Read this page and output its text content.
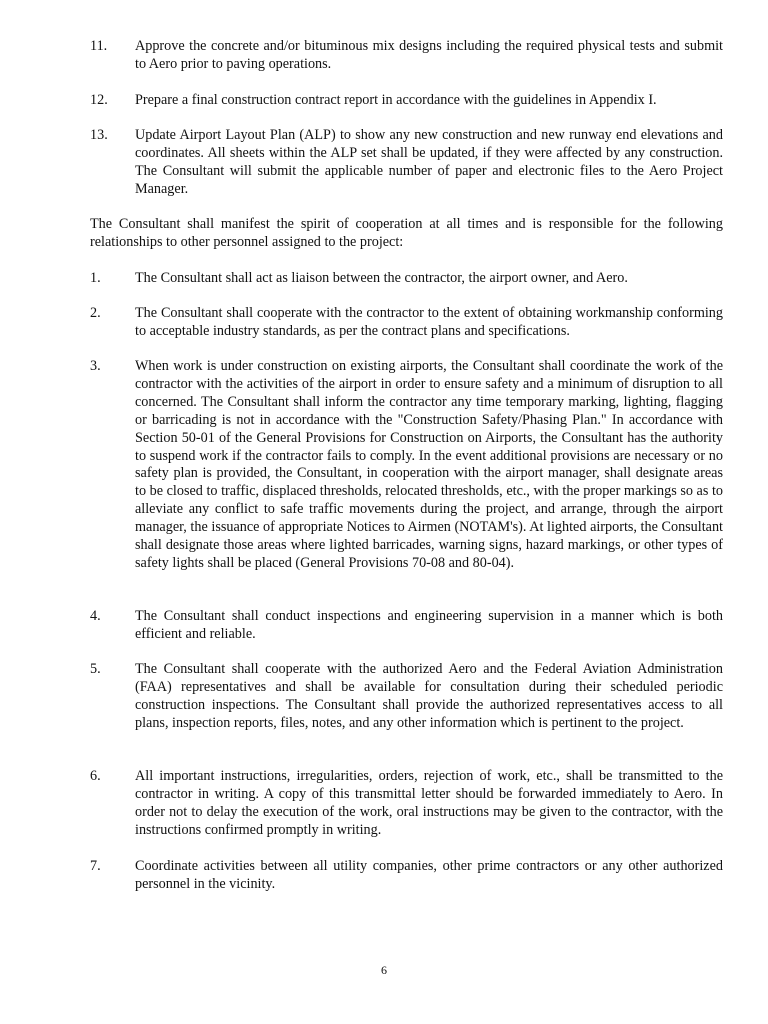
11.	Approve the concrete and/or bituminous mix designs including the required physical tests and submit to Aero prior to paving operations.
12.	Prepare a final construction contract report in accordance with the guidelines in Appendix I.
13.	Update Airport Layout Plan (ALP) to show any new construction and new runway end elevations and coordinates. All sheets within the ALP set shall be updated, if they were affected by any construction. The Consultant will submit the applicable number of paper and electronic files to the Aero Project Manager.
The Consultant shall manifest the spirit of cooperation at all times and is responsible for the following relationships to other personnel assigned to the project:
1.	The Consultant shall act as liaison between the contractor, the airport owner, and Aero.
2.	The Consultant shall cooperate with the contractor to the extent of obtaining workmanship conforming to acceptable industry standards, as per the contract plans and specifications.
3.	When work is under construction on existing airports, the Consultant shall coordinate the work of the contractor with the activities of the airport in order to ensure safety and a minimum of disruption to all concerned. The Consultant shall inform the contractor any time temporary marking, lighting, flagging or barricading is not in accordance with the "Construction Safety/Phasing Plan." In accordance with Section 50-01 of the General Provisions for Construction on Airports, the Consultant has the authority to suspend work if the contractor fails to comply. In the event additional provisions are necessary or no safety plan is provided, the Consultant, in cooperation with the airport manager, shall designate areas to be closed to traffic, displaced thresholds, relocated thresholds, etc., with the proper markings so as to alleviate any conflict to safe traffic movements during the project, and arrange, through the airport manager, the issuance of appropriate Notices to Airmen (NOTAM's). At lighted airports, the Consultant shall designate those areas where lighted barricades, warning signs, hazard markings, or other types of safety lights shall be placed (General Provisions 70-08 and 80-04).
4.	The Consultant shall conduct inspections and engineering supervision in a manner which is both efficient and reliable.
5.	The Consultant shall cooperate with the authorized Aero and the Federal Aviation Administration (FAA) representatives and shall be available for consultation during their scheduled periodic construction inspections. The Consultant shall provide the authorized representatives access to all plans, inspection reports, files, notes, and any other information which is pertinent to the project.
6.	All important instructions, irregularities, orders, rejection of work, etc., shall be transmitted to the contractor in writing. A copy of this transmittal letter should be forwarded immediately to Aero. In order not to delay the execution of the work, oral instructions may be given to the contractor, with the instructions confirmed promptly in writing.
7.	Coordinate activities between all utility companies, other prime contractors or any other authorized personnel in the vicinity.
6
